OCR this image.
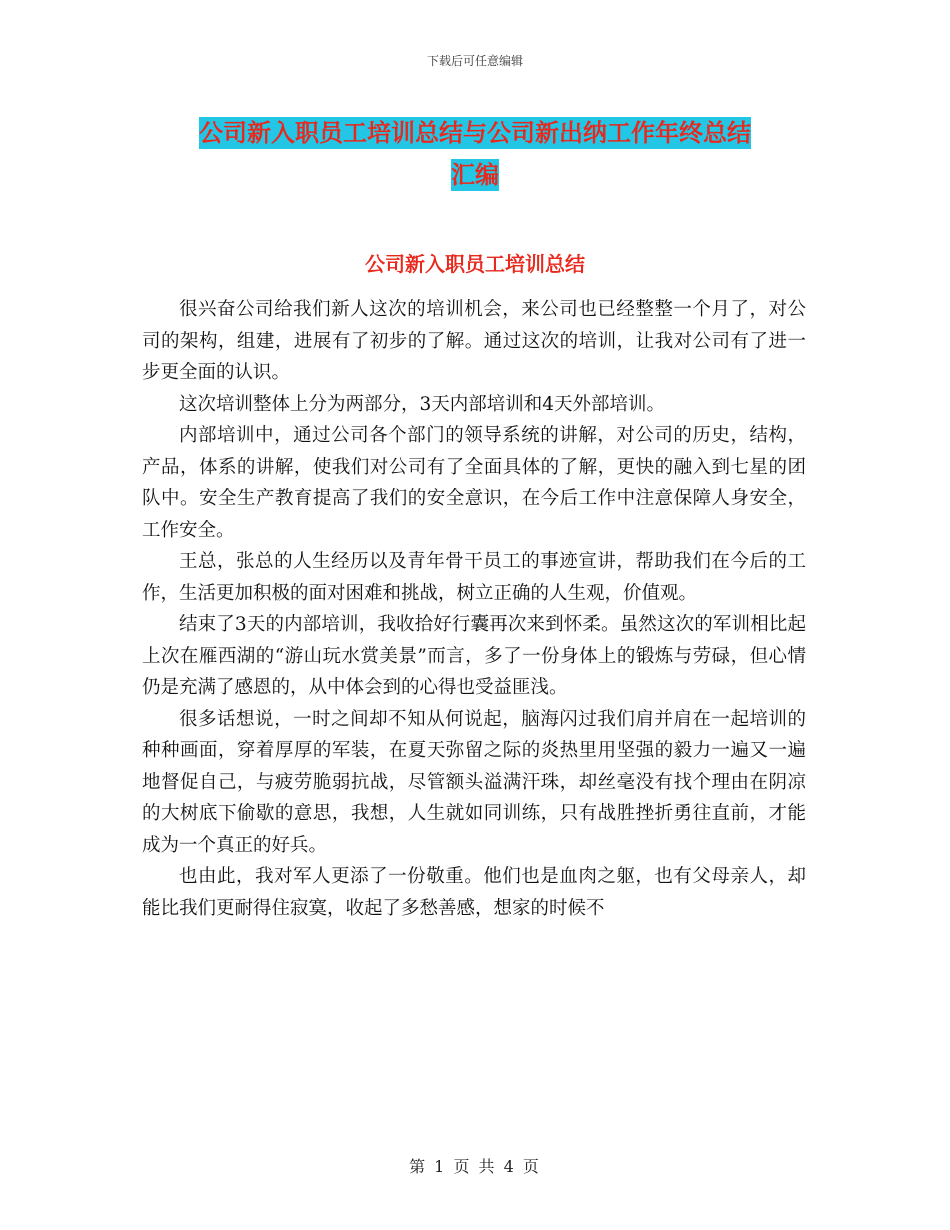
下载后可任意编辑
公司新入职员工培训总结与公司新出纳工作年终总结
汇编
公司新入职员工培训总结

很兴奋公司给我们新人这次的培训机会，来公司也已经整整一个月了，对公司的架构，组建，进展有了初步的了解。通过这次的培训，让我对公司有了进一步更全面的认识。

这次培训整体上分为两部分，3天内部培训和4天外部培训。

内部培训中，通过公司各个部门的领导系统的讲解，对公司的历史，结构，产品，体系的讲解，使我们对公司有了全面具体的了解，更快的融入到七星的团队中。安全生产教育提高了我们的安全意识，在今后工作中注意保障人身安全，工作安全。

王总，张总的人生经历以及青年骨干员工的事迹宣讲，帮助我们在今后的工作，生活更加积极的面对困难和挑战，树立正确的人生观，价值观。

结束了3天的内部培训，我收拾好行囊再次来到怀柔。虽然这次的军训相比起上次在雁西湖的“游山玩水赏美景”而言，多了一份身体上的锻炼与劳碌，但心情仍是充满了感恩的，从中体会到的心得也受益匪浅。

很多话想说，一时之间却不知从何说起，脑海闪过我们肩并肩在一起培训的种种画面，穿着厚厚的军装，在夏天弥留之际的炎热里用坚强的毅力一遍又一遍地督促自己，与疲劳脆弱抗战，尽管额头溢满汗珠，却丝毫没有找个理由在阴凉的大树底下偷歇的意思，我想，人生就如同训练，只有战胜挫折勇往直前，才能成为一个真正的好兵。

也由此，我对军人更添了一份敬重。他们也是血肉之躯，也有父母亲人，却能比我们更耐得住寂寞，收起了多愁善感，想家的时候不

第 1 页 共 4 页
